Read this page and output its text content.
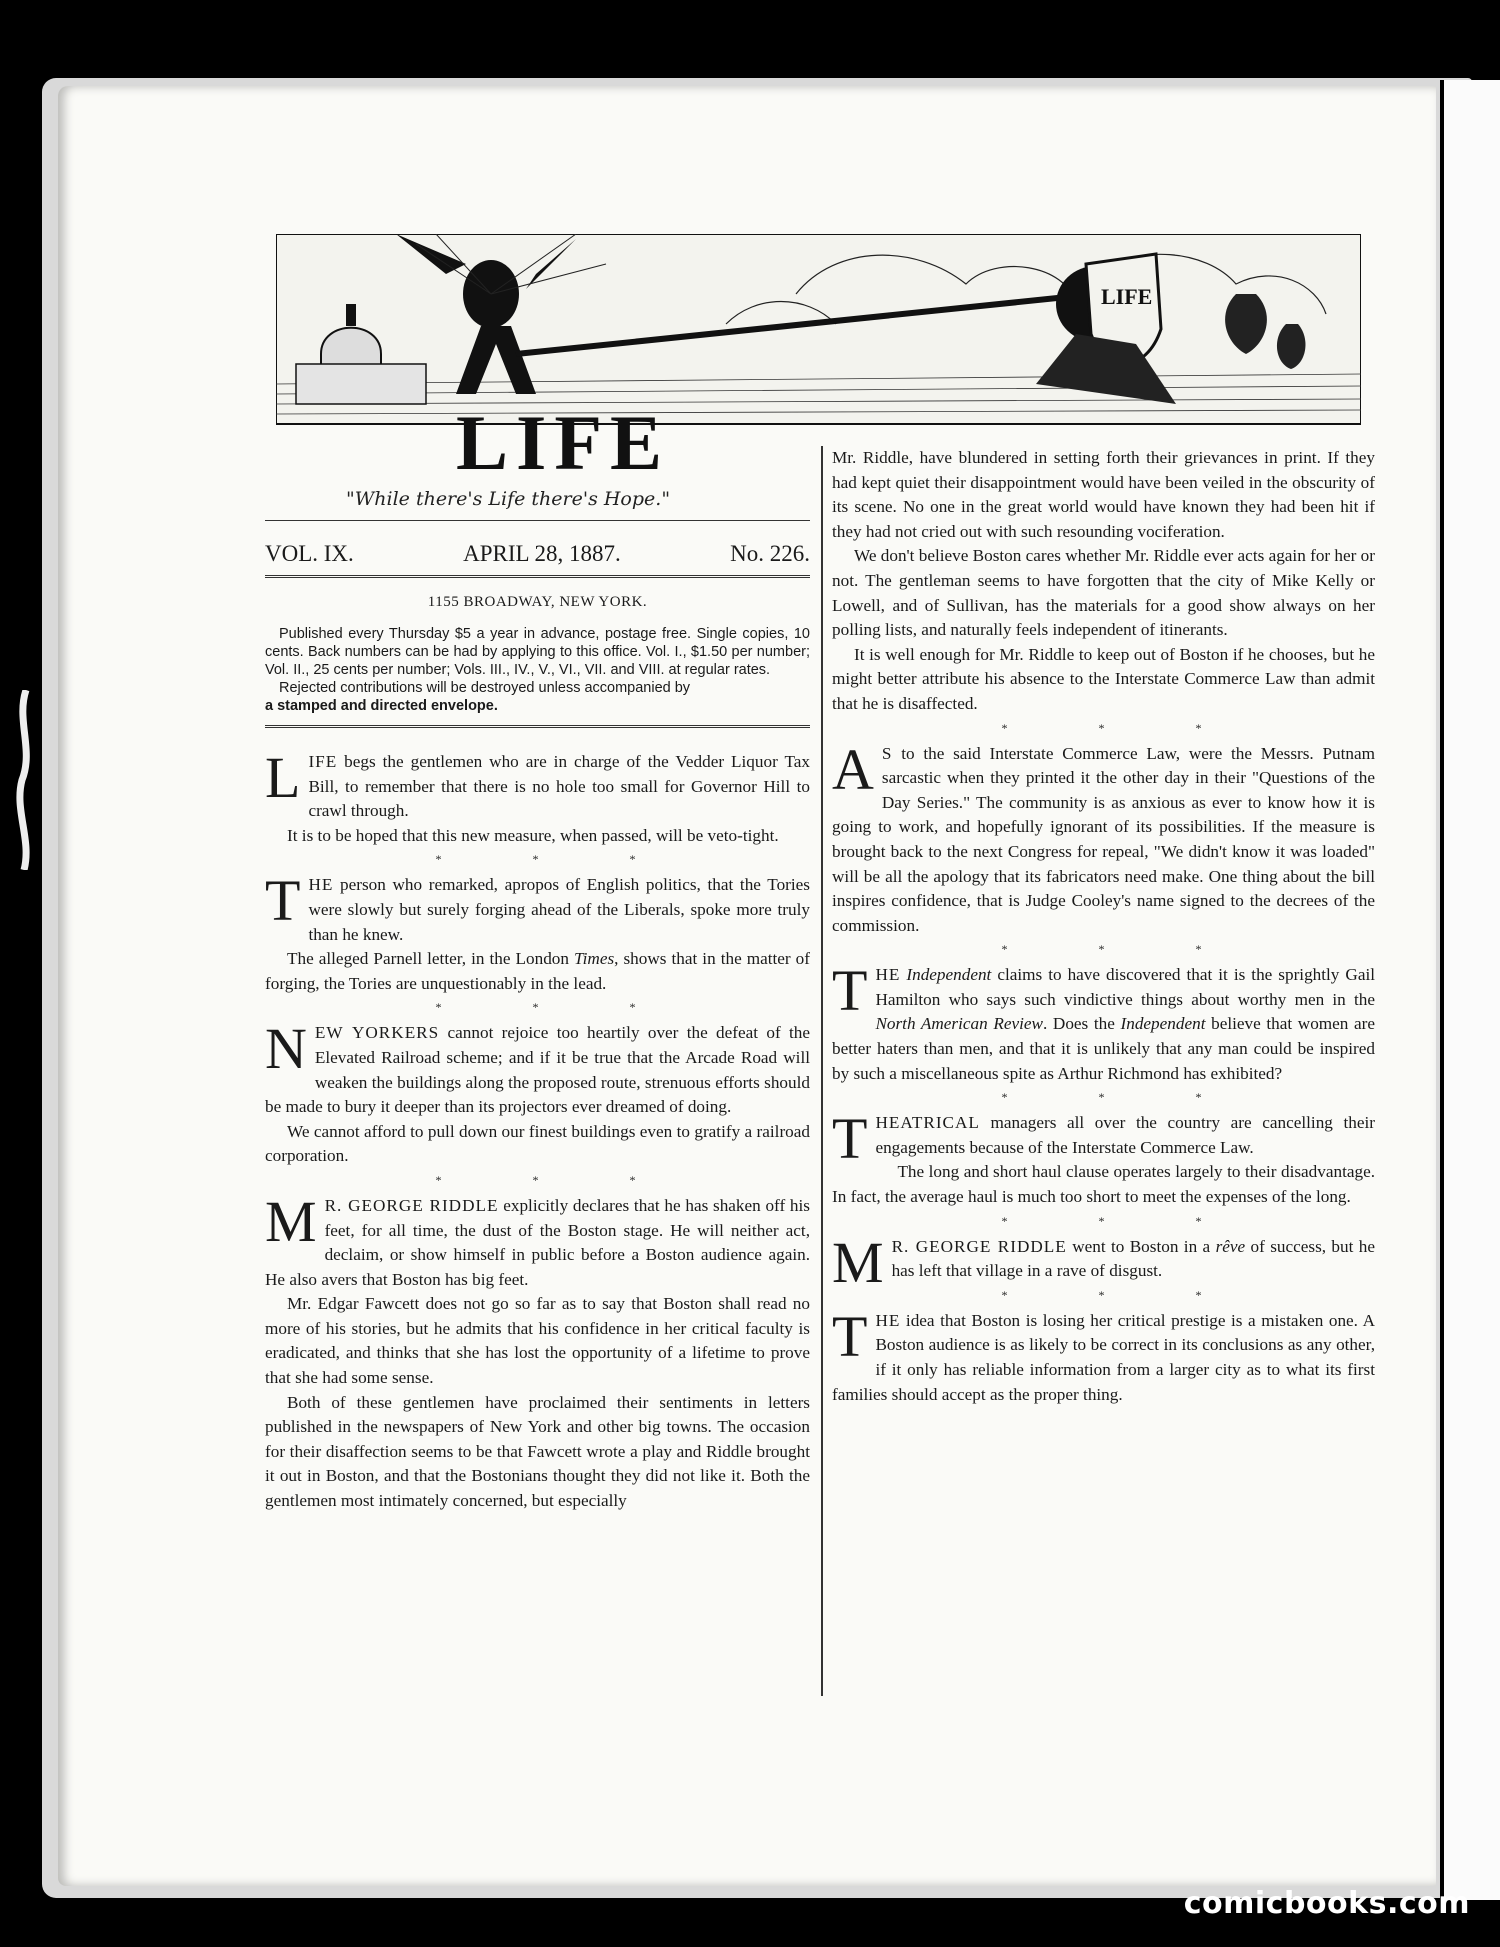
LIFE
LIFE
"While there's Life there's Hope."
VOL. IX.	APRIL 28, 1887.	No. 226.
1155 BROADWAY, NEW YORK.

Published every Thursday $5 a year in advance, postage free. Single copies, 10 cents. Back numbers can be had by applying to this office. Vol. I., $1.50 per number; Vol. II., 25 cents per number; Vols. III., IV., V., VI., VII. and VIII. at regular rates.

Rejected contributions will be destroyed unless accompanied by

a stamped and directed envelope.

LIFE begs the gentlemen who are in charge of the Vedder Liquor Tax Bill, to remember that there is no hole too small for Governor Hill to crawl through.

It is to be hoped that this new measure, when passed, will be veto-tight.

* * *

THE person who remarked, apropos of English politics, that the Tories were slowly but surely forging ahead of the Liberals, spoke more truly than he knew.

The alleged Parnell letter, in the London Times, shows that in the matter of forging, the Tories are unquestionably in the lead.

* * *

NEW YORKERS cannot rejoice too heartily over the defeat of the Elevated Railroad scheme; and if it be true that the Arcade Road will weaken the buildings along the proposed route, strenuous efforts should be made to bury it deeper than its projectors ever dreamed of doing.

We cannot afford to pull down our finest buildings even to gratify a railroad corporation.

* * *

M R. GEORGE RIDDLE explicitly declares that he has shaken off his feet, for all time, the dust of the Boston stage. He will neither act, declaim, or show himself in public before a Boston audience again. He also avers that Boston has big feet.

Mr. Edgar Fawcett does not go so far as to say that Boston shall read no more of his stories, but he admits that his confidence in her critical faculty is eradicated, and thinks that she has lost the opportunity of a lifetime to prove that she had some sense.

Both of these gentlemen have proclaimed their sentiments in letters published in the newspapers of New York and other big towns. The occasion for their disaffection seems to be that Fawcett wrote a play and Riddle brought it out in Boston, and that the Bostonians thought they did not like it. Both the gentlemen most intimately concerned, but especially

Mr. Riddle, have blundered in setting forth their grievances in print. If they had kept quiet their disappointment would have been veiled in the obscurity of its scene. No one in the great world would have known they had been hit if they had not cried out with such resounding vociferation.

We don't believe Boston cares whether Mr. Riddle ever acts again for her or not. The gentleman seems to have forgotten that the city of Mike Kelly or Lowell, and of Sullivan, has the materials for a good show always on her polling lists, and naturally feels independent of itinerants.

It is well enough for Mr. Riddle to keep out of Boston if he chooses, but he might better attribute his absence to the Interstate Commerce Law than admit that he is disaffected.

* * *

A S to the said Interstate Commerce Law, were the Messrs. Putnam sarcastic when they printed it the other day in their "Questions of the Day Series." The community is as anxious as ever to know how it is going to work, and hopefully ignorant of its possibilities. If the measure is brought back to the next Congress for repeal, "We didn't know it was loaded" will be all the apology that its fabricators need make. One thing about the bill inspires confidence, that is Judge Cooley's name signed to the decrees of the commission.

* * *

THE Independent claims to have discovered that it is the sprightly Gail Hamilton who says such vindictive things about worthy men in the North American Review. Does the Independent believe that women are better haters than men, and that it is unlikely that any man could be inspired by such a miscellaneous spite as Arthur Richmond has exhibited?

* * *

THEATRICAL managers all over the country are cancelling their engagements because of the Interstate Commerce Law.

The long and short haul clause operates largely to their disadvantage. In fact, the average haul is much too short to meet the expenses of the long.

* * *

M R. GEORGE RIDDLE went to Boston in a rêve of success, but he has left that village in a rave of disgust.

* * *

THE idea that Boston is losing her critical prestige is a mistaken one. A Boston audience is as likely to be correct in its conclusions as any other, if it only has reliable information from a larger city as to what its first families should accept as the proper thing.

comicbooks.com
